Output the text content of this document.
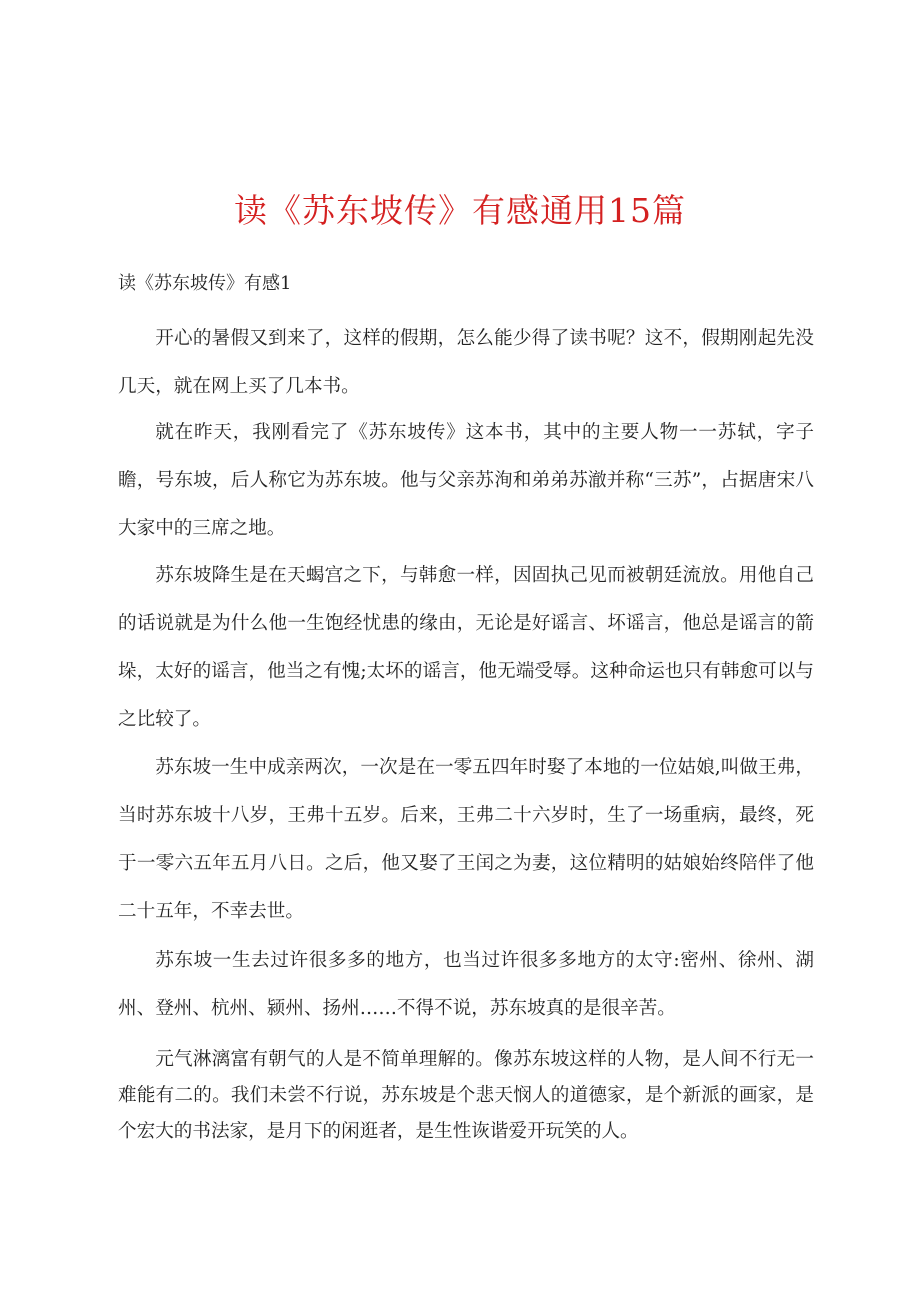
读《苏东坡传》有感通用15篇
读《苏东坡传》有感1

开心的暑假又到来了，这样的假期，怎么能少得了读书呢？这不，假期刚起先没几天，就在网上买了几本书。

就在昨天，我刚看完了《苏东坡传》这本书，其中的主要人物一一苏轼，字子瞻，号东坡，后人称它为苏东坡。他与父亲苏洵和弟弟苏澈并称“三苏”，占据唐宋八大家中的三席之地。

苏东坡降生是在天蝎宫之下，与韩愈一样，因固执己见而被朝廷流放。用他自己的话说就是为什么他一生饱经忧患的缘由，无论是好谣言、坏谣言，他总是谣言的箭垛，太好的谣言，他当之有愧;太坏的谣言，他无端受辱。这种命运也只有韩愈可以与之比较了。

苏东坡一生中成亲两次，一次是在一零五四年时娶了本地的一位姑娘,叫做王弗，当时苏东坡十八岁，王弗十五岁。后来，王弗二十六岁时，生了一场重病，最终，死于一零六五年五月八日。之后，他又娶了王闰之为妻，这位精明的姑娘始终陪伴了他二十五年，不幸去世。

苏东坡一生去过许很多多的地方，也当过许很多多地方的太守:密州、徐州、湖州、登州、杭州、颍州、扬州……不得不说，苏东坡真的是很辛苦。

元气淋漓富有朝气的人是不简单理解的。像苏东坡这样的人物，是人间不行无一难能有二的。我们未尝不行说，苏东坡是个悲天悯人的道德家，是个新派的画家，是个宏大的书法家，是月下的闲逛者，是生性诙谐爱开玩笑的人。
